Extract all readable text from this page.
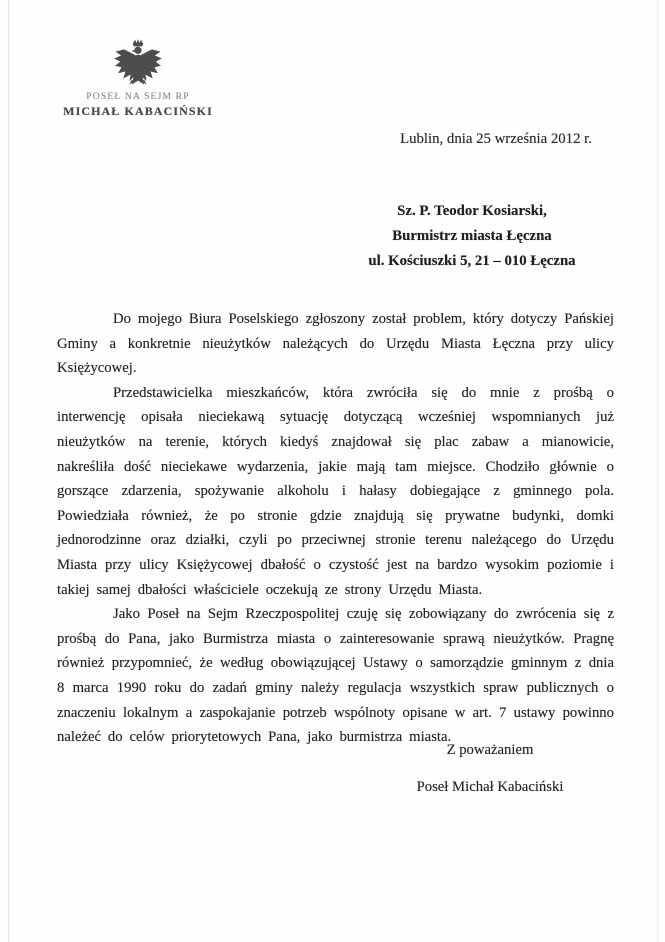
POSEŁ NA SEJM RP
MICHAŁ KABACIŃSKI
Lublin, dnia 25 września 2012 r.
Sz. P. Teodor Kosiarski,
Burmistrz miasta Łęczna
ul. Kościuszki 5, 21 – 010 Łęczna

Do mojego Biura Poselskiego zgłoszony został problem, który dotyczy Pańskiej Gminy a konkretnie nieużytków należących do Urzędu Miasta Łęczna przy ulicy Księżycowej.

Przedstawicielka mieszkańców, która zwróciła się do mnie z prośbą o interwencję opisała nieciekawą sytuację dotyczącą wcześniej wspomnianych już nieużytków na terenie, których kiedyś znajdował się plac zabaw a mianowicie, nakreśliła dość nieciekawe wydarzenia, jakie mają tam miejsce. Chodziło głównie o gorszące zdarzenia, spożywanie alkoholu i hałasy dobiegające z gminnego pola. Powiedziała również, że po stronie gdzie znajdują się prywatne budynki, domki jednorodzinne oraz działki, czyli po przeciwnej stronie terenu należącego do Urzędu Miasta przy ulicy Księżycowej dbałość o czystość jest na bardzo wysokim poziomie i takiej samej dbałości właściciele oczekują ze strony Urzędu Miasta.

Jako Poseł na Sejm Rzeczpospolitej czuję się zobowiązany do zwrócenia się z prośbą do Pana, jako Burmistrza miasta o zainteresowanie sprawą nieużytków. Pragnę również przypomnieć, że według obowiązującej Ustawy o samorządzie gminnym z dnia 8 marca 1990 roku do zadań gminy należy regulacja wszystkich spraw publicznych o znaczeniu lokalnym a zaspokajanie potrzeb wspólnoty opisane w art. 7 ustawy powinno należeć do celów priorytetowych Pana, jako burmistrza miasta.

Z poważaniem
Poseł Michał Kabaciński
